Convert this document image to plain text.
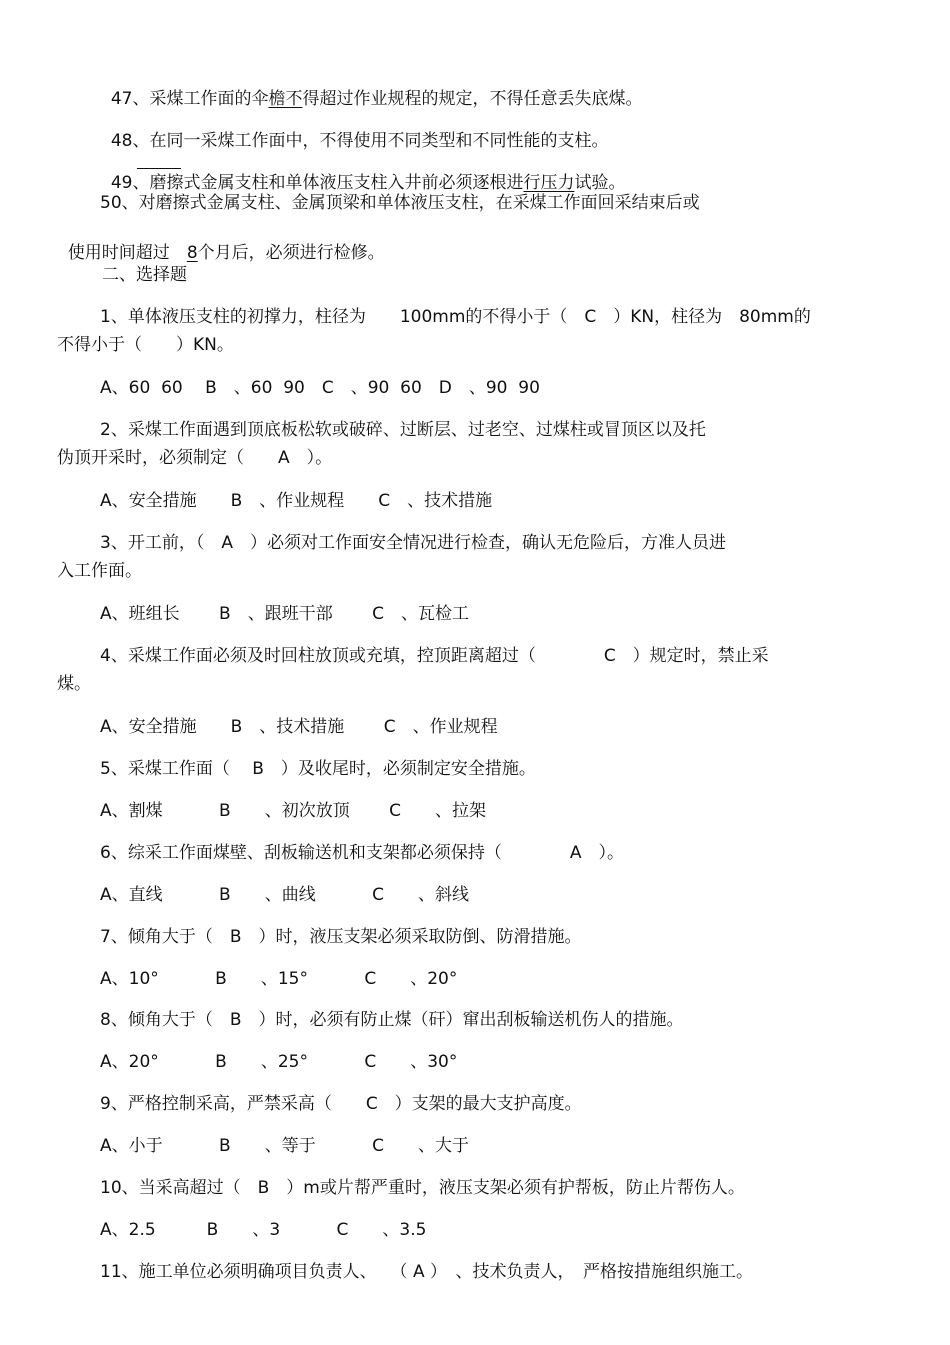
47、采煤工作面的伞檐不得超过作业规程的规定，不得任意丢失底煤。

48、在同一采煤工作面中，不得使用不同类型和不同性能的支柱。

49、磨擦式金属支柱和单体液压支柱入井前必须逐根进行压力试验。

50、对磨擦式金属支柱、金属顶梁和单体液压支柱，在采煤工作面回采结束后或

使用时间超过　8个月后，必须进行检修。

二、选择题
1、单体液压支柱的初撑力，柱径为　　100mm的不得小于（　C　）KN，柱径为　80mm的
不得小于（　　）KN。
A、60  60　 B　、60  90　C　、90  60　D　、90  90
2、采煤工作面遇到顶底板松软或破碎、过断层、过老空、过煤柱或冒顶区以及托
伪顶开采时，必须制定（　　A　）。
A、安全措施　　B　、作业规程　　C　、技术措施
3、开工前，（　A　）必须对工作面安全情况进行检查，确认无危险后，方准人员进
入工作面。
A、班组长　　 B　、跟班干部　　 C　、瓦检工
4、采煤工作面必须及时回柱放顶或充填，控顶距离超过（　　　　C　）规定时，禁止采
煤。
A、安全措施　　B　、技术措施　　 C　、作业规程
5、采煤工作面（　 B　）及收尾时，必须制定安全措施。
A、割煤　　　 B　　、初次放顶　　 C　　、拉架
6、综采工作面煤壁、刮板输送机和支架都必须保持（　　　　A　）。
A、直线　　　 B　　、曲线　　　 C　　、斜线
7、倾角大于（　B　）时，液压支架必须采取防倒、防滑措施。
A、10°　　　 B　　、15°　　　 C　　、20°
8、倾角大于（　B　）时，必须有防止煤（矸）窜出刮板输送机伤人的措施。
A、20°　　　 B　　、25°　　　 C　　、30°
9、严格控制采高，严禁采高（　　C　）支架的最大支护高度。
A、小于　　　 B　　、等于　　　 C　　、大于
10、当采高超过（　B　）m或片帮严重时，液压支架必须有护帮板，防止片帮伤人。
A、2.5　　　B　　、3　　　 C　　、3.5
11、施工单位必须明确项目负责人、　 （ A ）　、技术负责人，　严格按措施组织施工。
